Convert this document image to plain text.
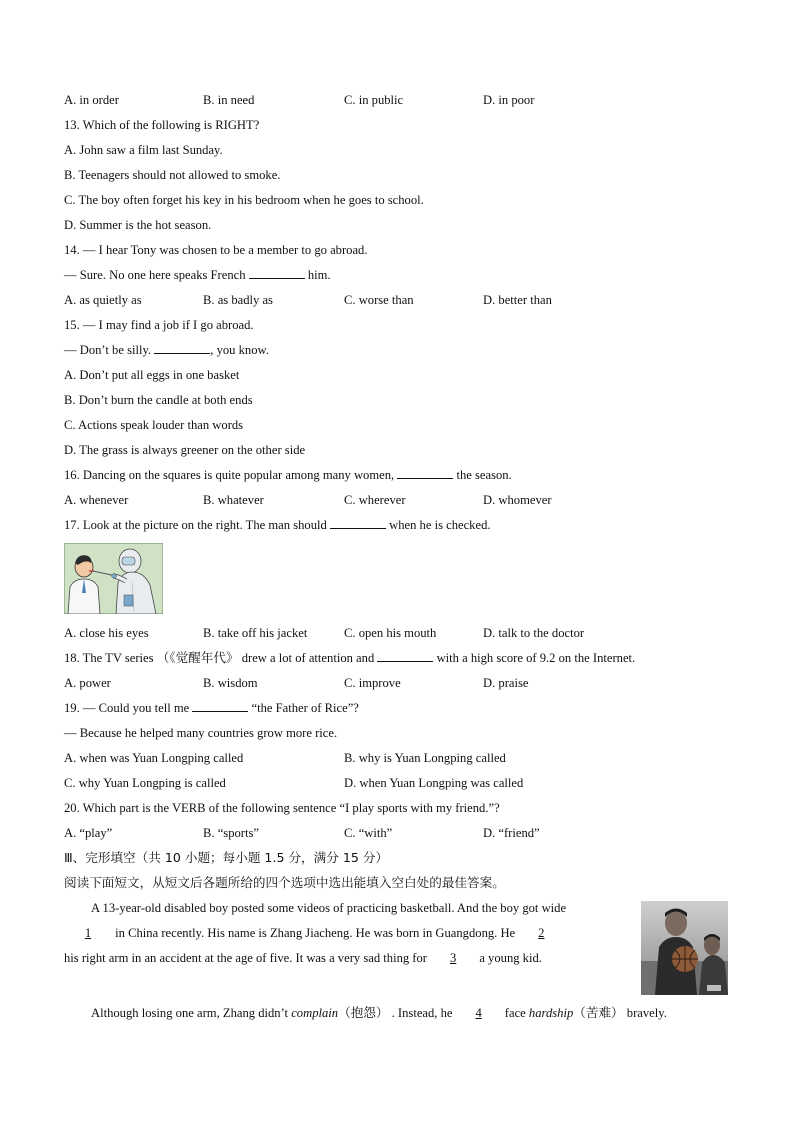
A. in order	B. in need	C. in public	D. in poor
13. Which of the following is RIGHT?
A. John saw a film last Sunday.
B. Teenagers should not allowed to smoke.
C. The boy often forget his key in his bedroom when he goes to school.
D. Summer is the hot season.
14. — I hear Tony was chosen to be a member to go abroad.
— Sure. No one here speaks French	him.
A. as quietly as	B. as badly as	C. worse than	D. better than
15. — I may find a job if I go abroad.
— Don’t be silly.	, you know.
A. Don’t put all eggs in one basket
B. Don’t burn the candle at both ends
C. Actions speak louder than words
D. The grass is always greener on the other side
16. Dancing on the squares is quite popular among many women,	the season.
A. whenever	B. whatever	C. wherever	D. whomever
17. Look at the picture on the right. The man should	when he is checked.
A. close his eyes	B. take off his jacket	C. open his mouth	D. talk to the doctor
18. The TV series （《觉醒年代》 drew a lot of attention and	with a high score of 9.2 on the Internet.
A. power	B. wisdom	C. improve	D. praise
19. — Could you tell me	“the Father of Rice”?
— Because he helped many countries grow more rice.
A. when was Yuan Longping called	B. why is Yuan Longping called
C. why Yuan Longping is called	D. when Yuan Longping was called
20. Which part is the VERB of the following sentence “I play sports with my friend.”?
A. “play”	B. “sports”	C. “with”	D. “friend”
Ⅲ、完形填空（共 10 小题；每小题 1.5 分，满分 15 分）
阅读下面短文，从短文后各题所给的四个选项中选出能填入空白处的最佳答案。
A 13-year-old disabled boy posted some videos of practicing basketball. And the boy got wide
1 in China recently. His name is Zhang Jiacheng. He was born in Guangdong. He 2
his right arm in an accident at the age of five. It was a very sad thing for 3 a young kid.
Although losing one arm, Zhang didn’t complain（抱怨） . Instead, he 4 face hardship（苦难） bravely.
